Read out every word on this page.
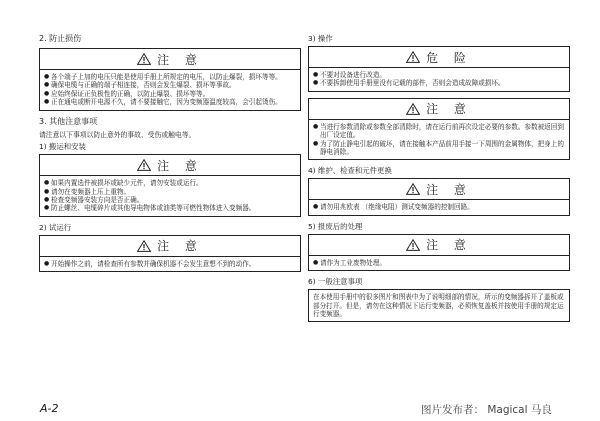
2. 防止损伤
注 意
● 各个端子上加的电压只能是使用手册上所规定的电压，以防止爆裂，损坏等等。
● 确保电缆与正确的端子相连接，否则会发生爆裂、损坏等事故。
● 应始终保证正负极性的正确，以防止爆裂、损坏等等。
● 正在通电或断开电源不久，请不要接触它，因为变频器温度较高，会引起烫伤。
3. 其他注意事项
请注意以下事项以防止意外的事故、受伤或触电等。
1) 搬运和安装
注 意
● 如果内置选件被损坏或缺少元件，请勿安装或运行。
● 请勿在变频器上压上重物。
● 检查变频器安装方向是否正确。
● 防止螺丝、电缆碎片或其他导电物体或油类等可燃性物体进入变频器。
2) 试运行
注 意
● 开始操作之前，请检查所有参数并确保机器不会发生意想不到的动作。
3) 操作
危 险
● 不要对设备进行改造。
● 不要拆卸使用手册里没有记载的部件，否则会造成故障或损坏。
注 意
● 当进行参数清除或参数全部清除时，请在运行前再次设定必要的参数。参数被返回到出厂设定值。
● 为了防止静电引起的破坏，请在接触本产品前用手接一下周围的金属物体，把身上的静电消除。
4) 维护、检查和元件更换
注 意
● 请勿用兆欧表 （绝缘电阻）测试变频器的控制回路。
5) 报废后的处理
注 意
● 请作为工业废物处理。
6) 一般注意事项
在本使用手册中的很多图片和图表中为了说明细部的情况，所示的变频器拆开了盖板或部分打开。但是，请勿在这种情况下运行变频器，必须恢复盖板并按使用手册的规定运行变频器。
A-2	图片发布者： Magical 马良
